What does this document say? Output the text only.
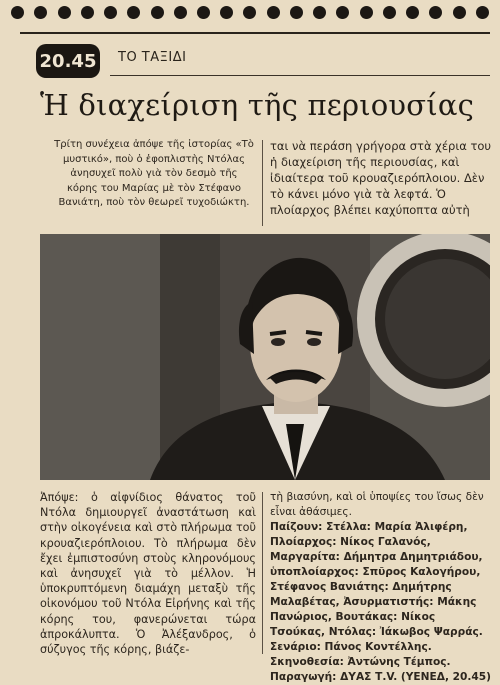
20.45 ΤΟ ΤΑΞΙΔΙ
Ἡ διαχείριση τῆς περιουσίας

Τρίτη συνέχεια ἀπόψε τῆς ἱστορίας «Τὸ μυστικό», ποὺ ὁ ἐφοπλιστὴς Ντόλας ἀνησυχεῖ πολὺ γιὰ τὸν δεσμὸ τῆς κόρης του Μαρίας μὲ τὸν Στέφανο Βανιάτη, ποὺ τὸν θεωρεῖ τυχοδιώκτη.

ται νὰ περάση γρήγορα στὰ χέρια του ἡ διαχείριση τῆς περιουσίας, καὶ ἰδιαίτερα τοῦ κρουαζιερόπλοιου. Δὲν τὸ κάνει μόνο γιὰ τὰ λεφτά. Ὁ πλοίαρχος βλέπει καχύποπτα αὐτὴ

Ἀπόψε: ὁ αἰφνίδιος θάνατος τοῦ Ντόλα δημιουργεῖ ἀναστάτωση καὶ στὴν οἰκογένεια καὶ στὸ πλήρωμα τοῦ κρουαζιερόπλοιου. Τὸ πλήρωμα δὲν ἔχει ἐμπιστοσύνη στοὺς κληρονόμους καὶ ἀνησυχεῖ γιὰ τὸ μέλλον. Ἡ ὑποκρυπτόμενη διαμάχη μεταξὺ τῆς οἰκονόμου τοῦ Ντόλα Εἰρήνης καὶ τῆς κόρης του, φανερώνεται τώρα ἀπροκάλυπτα. Ὁ Ἀλέξανδρος, ὁ σύζυγος τῆς κόρης, βιάζε-

τὴ βιασύνη, καὶ οἱ ὑποψίες του ἴσως δὲν εἶναι ἀθάσιμες.

Παίζουν: Στέλλα: Μαρία Ἀλιφέρη, Πλοίαρχος: Νίκος Γαλανός, Μαργαρίτα: Δήμητρα Δημητριάδου, ὑποπλοίαρχος: Σπῦρος Καλογήρου, Στέφανος Βανιάτης: Δημήτρης Μαλαβέτας, Ἀσυρματιστής: Μάκης Πανώριος, Βουτάκας: Νίκος Τσούκας, Ντόλας: Ἰάκωβος Ψαρράς. Σενάριο: Πάνος Κοντέλλης. Σκηνοθεσία: Ἀντώνης Τέμπος. Παραγωγή: ΔΥΑΣ Τ.V. (ΥΕΝΕΔ, 20.45)
